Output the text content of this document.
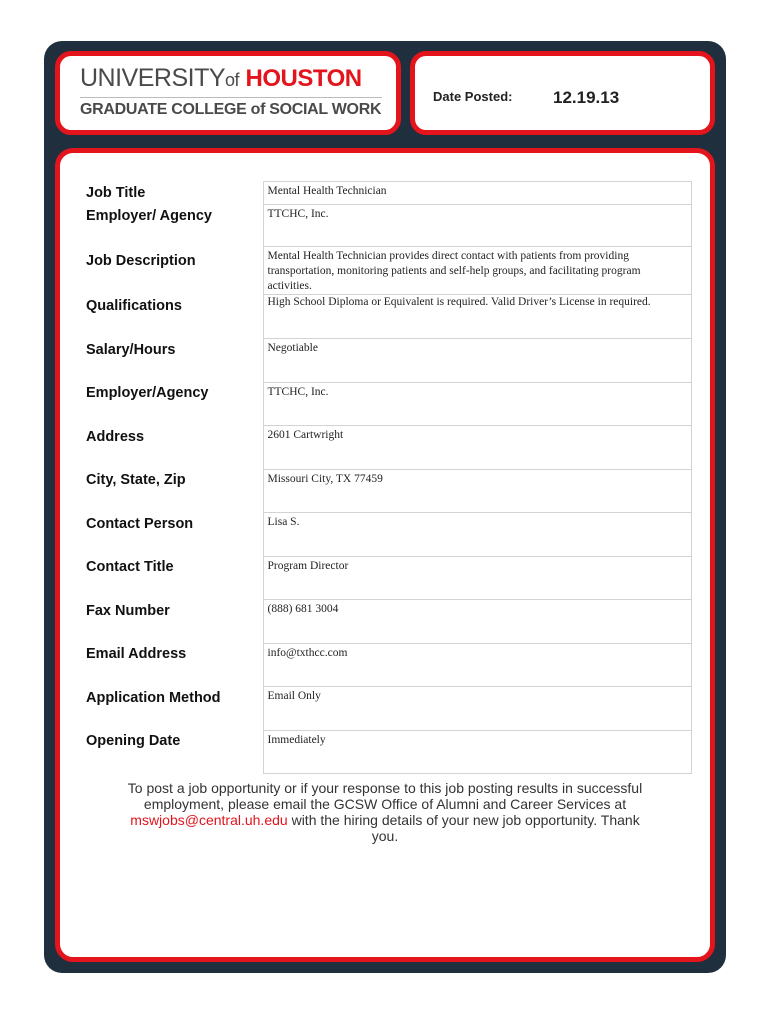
UNIVERSITYof HOUSTON
GRADUATE COLLEGE of SOCIAL WORK
Date Posted: 12.19.13
Job Title	Mental Health Technician
Employer/ Agency	TTCHC, Inc.
Job Description	Mental Health Technician provides direct contact with patients from providing transportation, monitoring patients and self-help groups, and facilitating program activities.
Qualifications	High School Diploma or Equivalent is required. Valid Driver’s License in required.
Salary/Hours	Negotiable
Employer/Agency	TTCHC, Inc.
Address	2601 Cartwright
City, State, Zip	Missouri City, TX 77459
Contact Person	Lisa S.
Contact Title	Program Director
Fax Number	(888) 681 3004
Email Address	info@txthcc.com
Application Method	Email Only
Opening Date	Immediately
To post a job opportunity or if your response to this job posting results in successful employment, please email the GCSW Office of Alumni and Career Services at mswjobs@central.uh.edu with the hiring details of your new job opportunity. Thank you.
